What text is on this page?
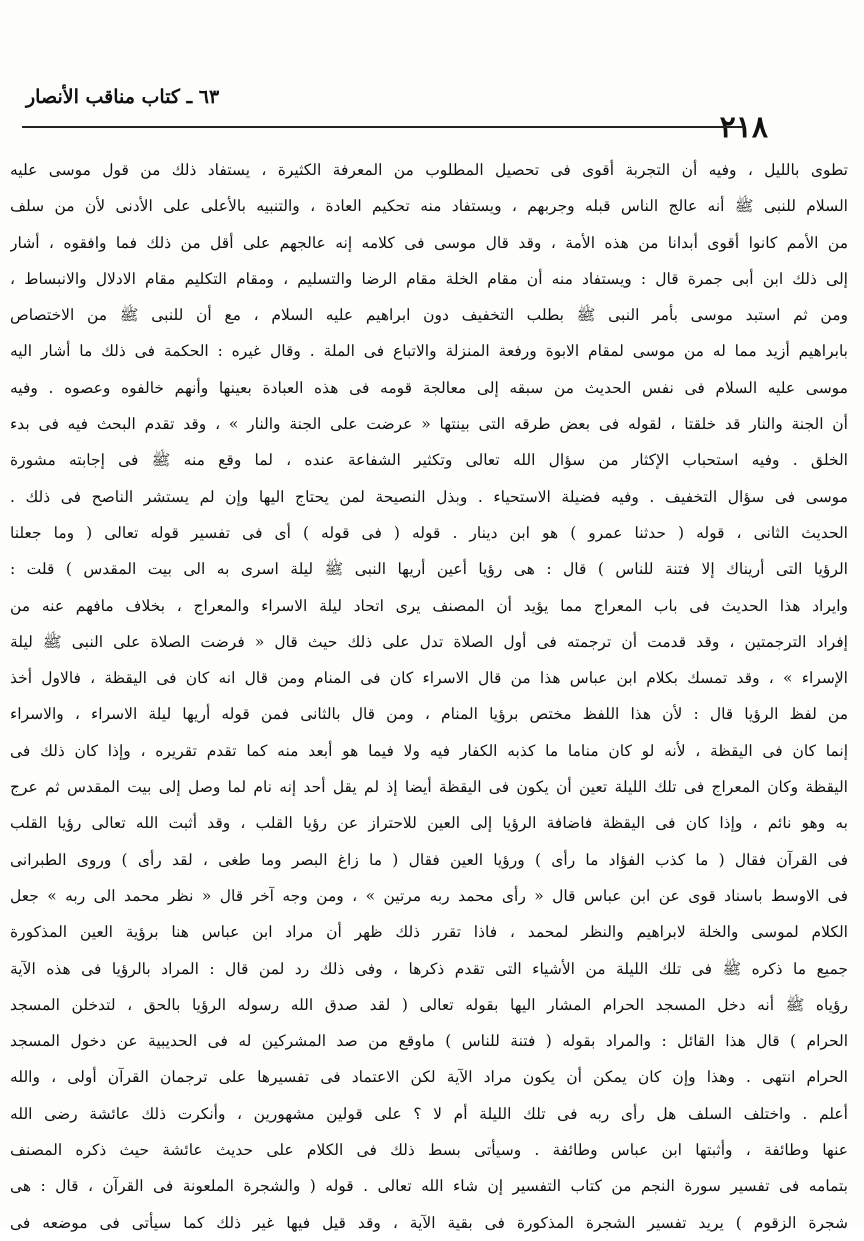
٢١٨
٦٣ ـ كتاب مناقب الأنصار
تطوى بالليل ، وفيه أن التجربة أقوى فى تحصيل المطلوب من المعرفة الكثيرة ، يستفاد ذلك من قول موسى عليه
السلام للنبى ﷺ أنه عالج الناس قبله وجربهم ، ويستفاد منه تحكيم العادة ، والتنبيه بالأعلى على الأدنى لأن من سلف
من الأمم كانوا أقوى أبدانا من هذه الأمة ، وقد قال موسى فى كلامه إنه عالجهم على أقل من ذلك فما وافقوه ، أشار
إلى ذلك ابن أبى جمرة قال : ويستفاد منه أن مقام الخلة مقام الرضا والتسليم ، ومقام التكليم مقام الادلال والانبساط ،
ومن ثم استبد موسى بأمر النبى ﷺ بطلب التخفيف دون ابراهيم عليه السلام ، مع أن للنبى ﷺ من الاختصاص
بابراهيم أزيد مما له من موسى لمقام الابوة ورفعة المنزلة والاتباع فى الملة . وقال غيره : الحكمة فى ذلك ما أشار اليه
موسى عليه السلام فى نفس الحديث من سبقه إلى معالجة قومه فى هذه العبادة بعينها وأنهم خالفوه وعصوه . وفيه
أن الجنة والنار قد خلقتا ، لقوله فى بعض طرقه التى بينتها « عرضت على الجنة والنار » ، وقد تقدم البحث فيه فى بدء
الخلق . وفيه استحباب الإكثار من سؤال الله تعالى وتكثير الشفاعة عنده ، لما وقع منه ﷺ فى إجابته مشورة
موسى فى سؤال التخفيف . وفيه فضيلة الاستحياء . وبذل النصيحة لمن يحتاج اليها وإن لم يستشر الناصح فى ذلك .
الحديث الثانى ، قوله ( حدثنا عمرو ) هو ابن دينار . قوله ( فى قوله ) أى فى تفسير قوله تعالى ( وما جعلنا
الرؤيا التى أريناك إلا فتنة للناس ) قال : هى رؤيا أعين أريها النبى ﷺ ليلة اسرى به الى بيت المقدس ) قلت :
وايراد هذا الحديث فى باب المعراج مما يؤيد أن المصنف يرى اتحاد ليلة الاسراء والمعراج ، بخلاف مافهم عنه من
إفراد الترجمتين ، وقد قدمت أن ترجمته فى أول الصلاة تدل على ذلك حيث قال « فرضت الصلاة على النبى ﷺ ليلة
الإسراء » ، وقد تمسك بكلام ابن عباس هذا من قال الاسراء كان فى المنام ومن قال انه كان فى اليقظة ، فالاول أخذ
من لفظ الرؤيا قال : لأن هذا اللفظ مختص برؤيا المنام ، ومن قال بالثانى فمن قوله أريها ليلة الاسراء ، والاسراء
إنما كان فى اليقظة ، لأنه لو كان مناما ما كذبه الكفار فيه ولا فيما هو أبعد منه كما تقدم تقريره ، وإذا كان ذلك فى
اليقظة وكان المعراج فى تلك الليلة تعين أن يكون فى اليقظة أيضا إذ لم يقل أحد إنه نام لما وصل إلى بيت المقدس ثم عرج
به وهو نائم ، وإذا كان فى اليقظة فاضافة الرؤيا إلى العين للاحتراز عن رؤيا القلب ، وقد أثبت الله تعالى رؤيا القلب
فى القرآن فقال ( ما كذب الفؤاد ما رأى ) ورؤيا العين فقال ( ما زاغ البصر وما طغى ، لقد رأى ) وروى الطبرانى
فى الاوسط باسناد قوى عن ابن عباس قال « رأى محمد ربه مرتين » ، ومن وجه آخر قال « نظر محمد الى ربه » جعل
الكلام لموسى والخلة لابراهيم والنظر لمحمد ، فاذا تقرر ذلك ظهر أن مراد ابن عباس هنا برؤية العين المذكورة
جميع ما ذكره ﷺ فى تلك الليلة من الأشياء التى تقدم ذكرها ، وفى ذلك رد لمن قال : المراد بالرؤيا فى هذه الآية
رؤياه ﷺ أنه دخل المسجد الحرام المشار اليها بقوله تعالى ( لقد صدق الله رسوله الرؤيا بالحق ، لتدخلن المسجد
الحرام ) قال هذا القائل : والمراد بقوله ( فتنة للناس ) ماوقع من صد المشركين له فى الحديبية عن دخول المسجد
الحرام انتهى . وهذا وإن كان يمكن أن يكون مراد الآية لكن الاعتماد فى تفسيرها على ترجمان القرآن أولى ، والله
أعلم . واختلف السلف هل رأى ربه فى تلك الليلة أم لا ؟ على قولين مشهورين ، وأنكرت ذلك عائشة رضى الله
عنها وطائفة ، وأثبتها ابن عباس وطائفة . وسيأتى بسط ذلك فى الكلام على حديث عائشة حيث ذكره المصنف
بتمامه فى تفسير سورة النجم من كتاب التفسير إن شاء الله تعالى . قوله ( والشجرة الملعونة فى القرآن ، قال : هى
شجرة الزقوم ) يريد تفسير الشجرة المذكورة فى بقية الآية ، وقد قيل فيها غير ذلك كما سيأتى فى موضعه فى
